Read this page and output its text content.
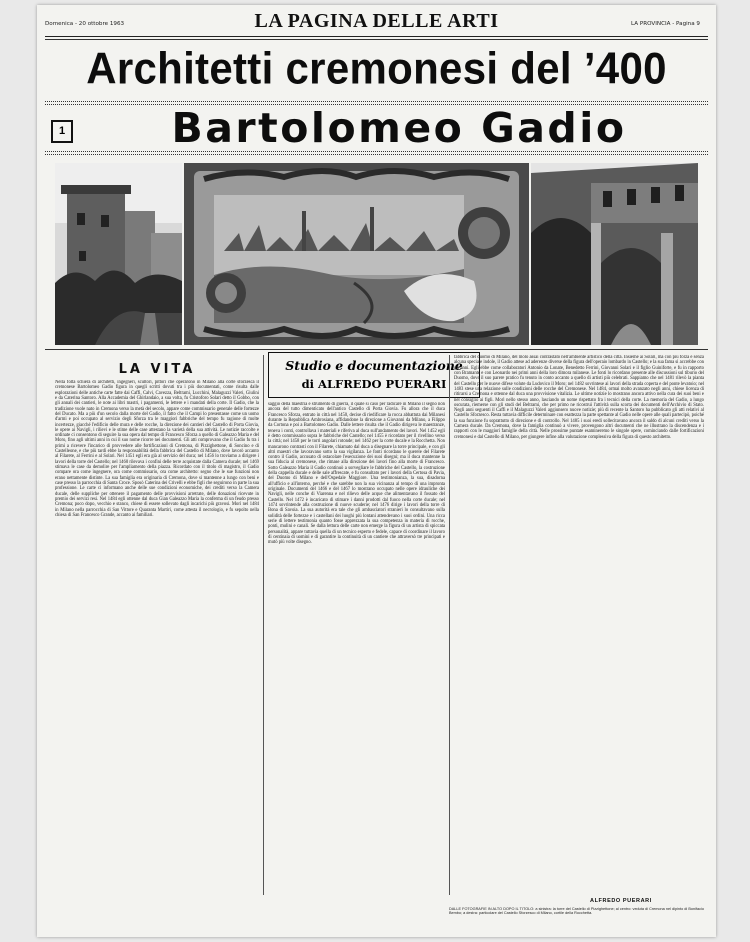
Domenica - 20 ottobre 1963	LA PAGINA DELLE ARTI	LA PROVINCIA - Pagina 9
Architetti cremonesi del ’400
1	Bartolomeo Gadio
LA VITA	Studio e documentazione
di ALFREDO PUERARI
Nella folta schiera di architetti, ingegneri, scultori, pittori che operarono in Milano alla corte sforzesca il cremonese Bartolomeo Gadio figura in quegli scritti dovuti tra i più documentati, come risulta dalle esplorazioni delle antiche carte fatte dai Caffi, Calvi, Cavezza, Beltrami, Lucchini, Malaguzzi Valeri, Giulini e da Caterina Santoro. Alla Accademia del Ghirlandaio, a sua volta, fu Cristoforo Solari detto il Gobbo, con gli annali dei cantieri, le note ai libri mastri, i pagamenti, le lettere e i mandati della corte. Il Gadio, che la tradizione vuole nato in Cremona verso la metà del secolo, appare come commissario generale delle fortezze del Ducato. Ma a più d'un secolo dalla morte del Gadio, il fatto che il Campi lo presentasse come un uomo d'armi e poi occupato al servizio degli Sforza tra le maggiori fabbriche del tempo fu ragione di molte incertezze, giacché l'edificio delle mura e delle rocche, la direzione dei cantieri del Castello di Porta Giovia, le opere ai Navigli, i rilievi e le stime delle case attestano la varietà della sua attività. Le notizie raccolte e ordinate ci consentono di seguire la sua opera dal tempo di Francesco Sforza a quello di Galeazzo Maria e del Moro, fino agli ultimi anni in cui il suo nome ricorre nei documenti. Gli atti comprovano che il Gadio fu tra i primi a ricevere l'incarico di provvedere alle fortificazioni di Cremona, di Pizzighettone, di Soncino e di Castelleone, e che più tardi ebbe la responsabilità della fabbrica del Castello di Milano, dove lavorò accanto al Filarete, al Ferrini e al Solari. Nel 1451 egli era già al servizio del duca; nel 1456 lo troviamo a dirigere i lavori della torre del Castello; nel 1460 rilevava i confini delle terre acquistate dalla Camera ducale; nel 1469 stimava le case da demolire per l'ampliamento della piazza. Ricordato con il titolo di magistro, il Gadio compare ora come ingegnere, ora come commissario, ora come architetto: segno che le sue funzioni non erano nettamente distinte. La sua famiglia era originaria di Cremona, dove si mantenne a lungo con beni e case presso la parrocchia di Santa Croce. Sposò Caterina dei Crivelli e ebbe figli che seguirono in parte la sua professione. Le carte ci informano anche delle sue condizioni economiche, dei crediti verso la Camera ducale, delle suppliche per ottenere il pagamento delle provvisioni arretrate, delle donazioni ricevute in premio dei servizi resi. Nel 1484 egli ottenne dal duca Gian Galeazzo Maria la conferma di un feudo presso Cremona; poco dopo, vecchio e stanco, chiese di essere sollevato dagli incarichi più gravosi. Morì nel 1484 in Milano nella parrocchia di San Vittore e Quaranta Martiri, come attesta il necrologio, e fu sepolto nella chiesa di San Francesco Grande, accanto ai familiari.
saggio della maestria e strumento di guerra, il quale si caso per radicare in Milano il segno non ancora del tutto dimenticato dell'antico Castello di Porta Giovia. Fu allora che il duca Francesco Sforza, entrato in città nel 1450, decise di riedificare la rocca abbattuta dai Milanesi durante la Repubblica Ambrosiana, affidandone la direzione a Giovanni da Milano, a Filippo da Cortona e poi a Bartolomeo Gadio. Dalle lettere risulta che il Gadio dirigeva le maestranze, teneva i conti, controllava i materiali e riferiva al duca sull'andamento dei lavori. Nel 1452 egli è detto commissario sopra le fabbriche del Castello; nel 1455 è ricordato per il rivellino verso la città; nel 1458 per le torri angolari rotonde; nel 1462 per la corte ducale e la Rocchetta. Non mancarono contrasti con il Filarete, chiamato dal duca a disegnare la torre principale, e con gli altri maestri che lavoravano sotto la sua vigilanza. Le fonti ricordano le querele del Filarete contro il Gadio, accusato di ostacolare l'esecuzione dei suoi disegni; ma il duca mantenne la sua fiducia al cremonese, che rimase alla direzione dei lavori fino alla morte di Francesco. Sotto Galeazzo Maria il Gadio continuò a sorvegliare le fabbriche del Castello, la costruzione della cappella ducale e delle sale affrescate, e fu consultato per i lavori della Certosa di Pavia, del Duomo di Milano e dell'Ospedale Maggiore. Una testimonianza, la sua, disadorna all'ufficio e all'interno, perché e che sarebbe non la sua vicinanza al tempo di una impronta originale. Documenti del 1466 e del 1467 lo mostrano occupato nelle opere idrauliche dei Navigli, nelle conche di Viarenna e nel rilievo delle acque che alimentavano il fossato del Castello. Nel 1472 è incaricato di stimare i danni prodotti dal fuoco nella corte ducale; nel 1474 sovrintende alla costruzione di nuove scuderie; nel 1476 dirige i lavori della torre di Bona di Savoia. La sua autorità era tale che gli ambasciatori stranieri lo consultavano sulla solidità delle fortezze e i castellani dei luoghi più lontani attendevano i suoi ordini. Una ricca serie di lettere testimonia quanto fosse apprezzata la sua competenza in materia di rocche, ponti, mulini e canali. Se dalla lettura delle carte non emerge la figura di un artista di spiccata personalità, appare tuttavia quella di un tecnico esperto e fedele, capace di coordinare il lavoro di centinaia di uomini e di garantire la continuità di un cantiere che attraversò tre principati e mutò più volte disegno.
fabbrica del duomo di Milano, del molo assai contrastato nell'ambiente artistico della città. Insieme ai Solari, ma con più forza e senza alcuna speciale indole, il Gadio attese ad aderenze diverse della figura dell'operaio lombardo in Castello; e la sua fama si accrebbe con gli anni. Egli ebbe come collaboratori Antonio da Lonate, Benedetto Ferrini, Giovanni Solari e il figlio Guiniforte, e fu in rapporto con Bramante e con Leonardo nei primi anni della loro dimora milanese. Le fonti lo ricordano presente alle discussioni sul tiburio del Duomo, dove il suo parere pratico fu tenuto in conto accanto a quello di artisti più celebrati. Sappiamo che nel 1481 rilevò la pianta del Castello per le nuove difese volute da Ludovico il Moro; nel 1482 sovrintese ai lavori della strada coperta e del ponte levatoio; nel 1483 stese una relazione sulle condizioni delle rocche del Cremonese. Nel 1484, ormai molto avanzato negli anni, chiese licenza di ritirarsi a Cremona e ottenne dal duca una provvisione vitalizia. Le ultime notizie lo mostrano ancora attivo nella cura dei suoi beni e nel consiglio ai figli. Morì nello stesso anno, lasciando un nome rispettato fra i tecnici della corte. La memoria del Gadio, a lungo oscurata, riemerse con gli studi del Beltrami, che per primo ne ricostruì l'attività sulla scorta dei documenti dell'Archivio di Stato. Negli anni seguenti il Caffi e il Malaguzzi Valeri aggiunsero nuove notizie; più di recente la Santoro ha pubblicato gli atti relativi al Castello Sforzesco. Resta tuttavia difficile determinare con esattezza la parte spettante al Gadio nelle opere alle quali partecipò, poiché la sua funzione fu soprattutto di direzione e di controllo. Nel 1485 i suoi eredi sollecitavano ancora il saldo di alcuni crediti verso la Camera ducale. Da Cremona, dove la famiglia continuò a vivere, provengono altri documenti che ne illustrano la discendenza e i rapporti con le maggiori famiglie della città. Nelle prossime puntate esamineremo le singole opere, cominciando dalle fortificazioni cremonesi e dal Castello di Milano, per giungere infine alla valutazione complessiva della figura di questo architetto.
ALFREDO PUERARI
DALLE FOTOGRAFIE IN ALTO DOPO IL TITOLO: a sinistra: la torre del Castello di Pizzighettone; al centro: veduta di Cremona nel dipinto di Bonifacio Bembo; a destra: particolare del Castello Sforzesco di Milano, cortile della Rocchetta.
